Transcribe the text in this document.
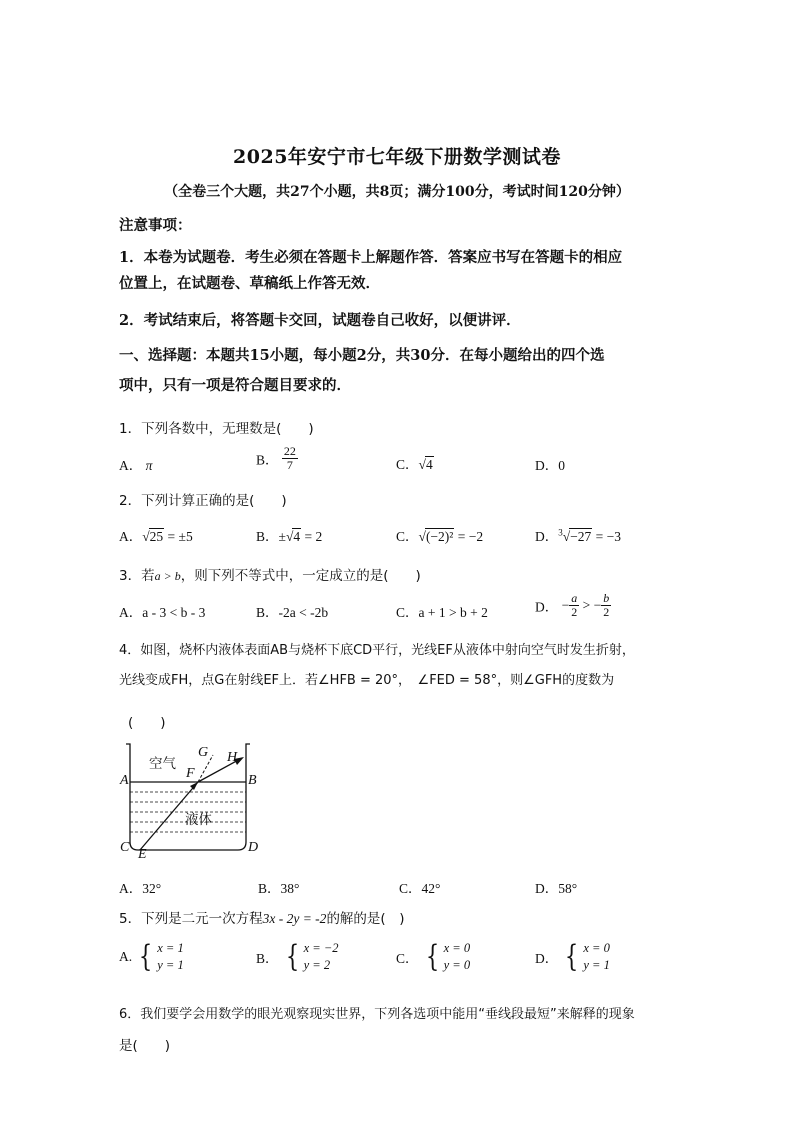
2025年安宁市七年级下册数学测试卷
（全卷三个大题，共27个小题，共8页；满分100分，考试时间120分钟）
注意事项：
1．本卷为试题卷．考生必须在答题卡上解题作答．答案应书写在答题卡的相应
位置上，在试题卷、草稿纸上作答无效．
2．考试结束后，将答题卡交回，试题卷自己收好，以便讲评．
一、选择题：本题共15小题，每小题2分，共30分．在每小题给出的四个选
项中，只有一项是符合题目要求的．
1．下列各数中，无理数是(　　)
A． π	B． $\frac{22}{7}$	C．√4	D．0
2．下列计算正确的是(　　)
A．√25 = ±5	B．±√4 = 2	C．√(−2)² = −2	D．$^3$√−27 = −3
3．若a > b，则下列不等式中，一定成立的是(　　)
A．a - 3 < b - 3	B．-2a < -2b	C．a + 1 > b + 2	D． − $\frac{a}{2}$ > − $\frac{b}{2}$
4．如图，烧杯内液体表面AB与烧杯下底CD平行，光线EF从液体中射向空气时发生折射，
光线变成FH，点G在射线EF上．若∠HFB = 20°，　∠FED = 58°，则∠GFH的度数为
(　　)
空气
液体
A	B
C	D
E
F
G H
A．32°	B．38°	C．42°	D．58°
5．下列是二元一次方程3x - 2y = -2的解的是(　)
A. { x = 1
y = 1	B． { x = −2
y = 2	C． { x = 0
y = 0	D． { x = 0
y = 1
6．我们要学会用数学的眼光观察现实世界，下列各选项中能用“垂线段最短”来解释的现象
是(　　)
